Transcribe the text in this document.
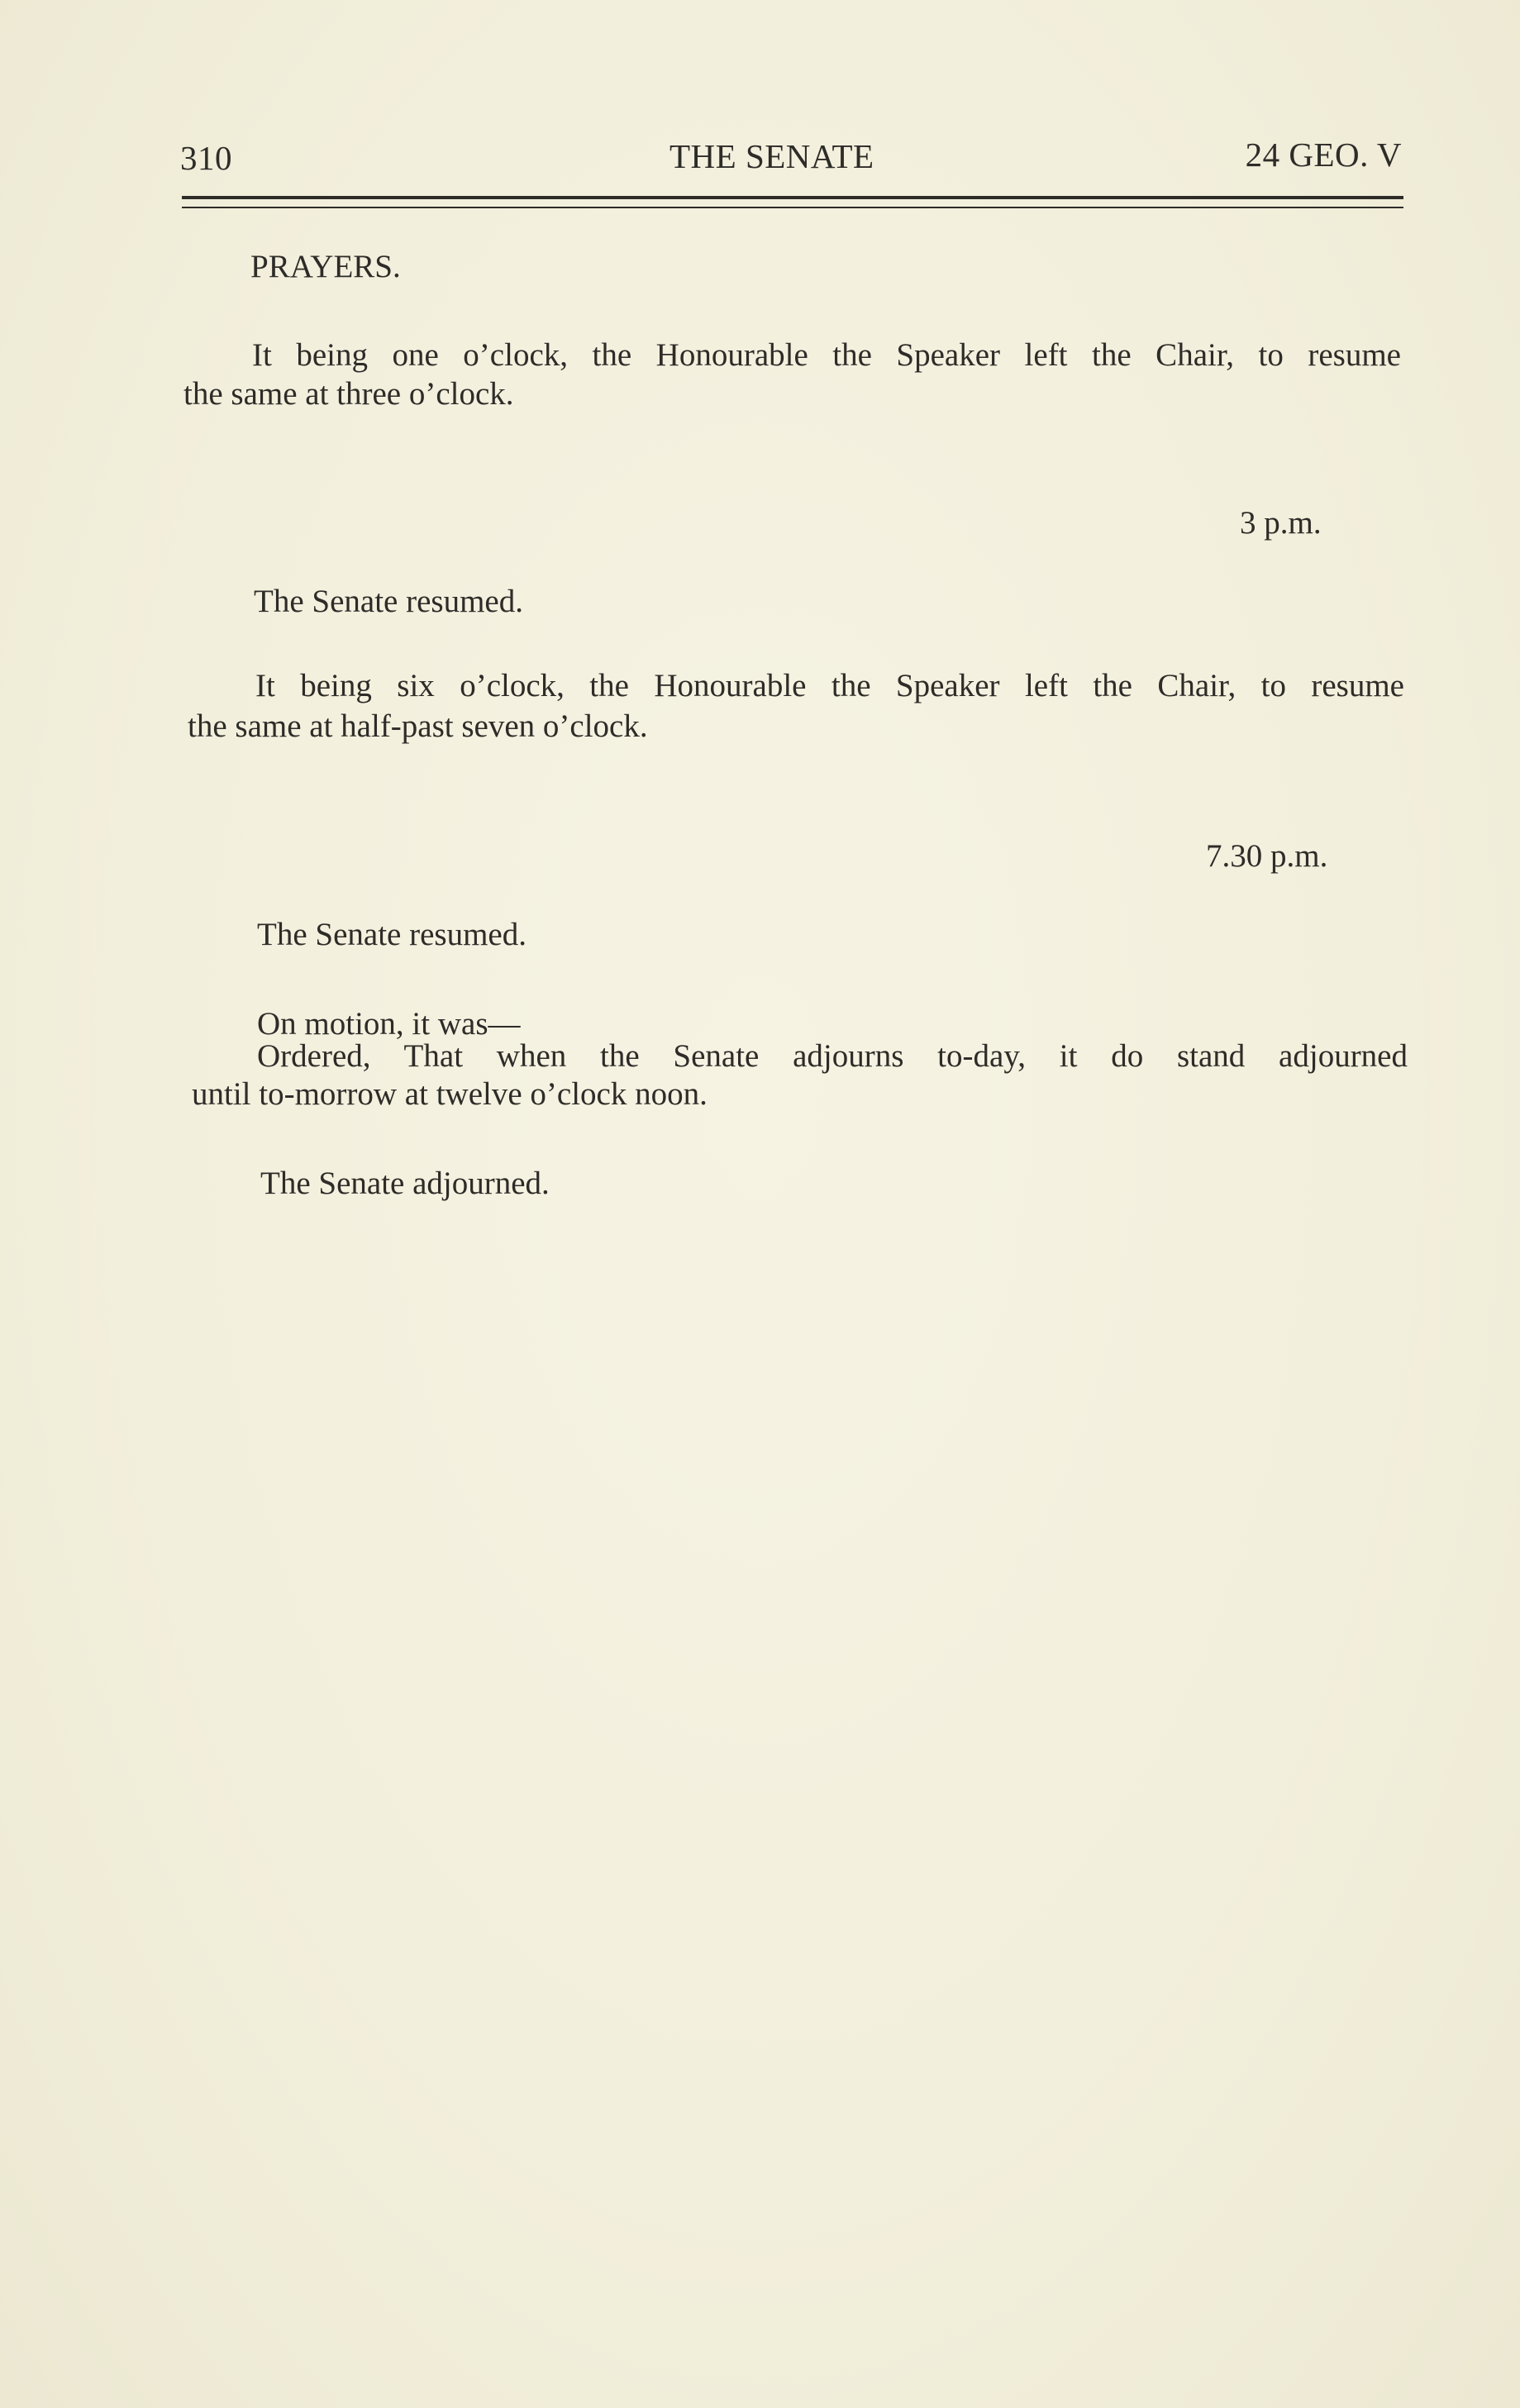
310	THE SENATE	24 GEO. V
PRAYERS.
It being one o’clock, the Honourable the Speaker left the Chair, to resume
the same at three o’clock.
3 p.m.
The Senate resumed.
It being six o’clock, the Honourable the Speaker left the Chair, to resume
the same at half-past seven o’clock.
7.30 p.m.
The Senate resumed.
On motion, it was—
Ordered, That when the Senate adjourns to-day, it do stand adjourned
until to-morrow at twelve o’clock noon.
The Senate adjourned.
